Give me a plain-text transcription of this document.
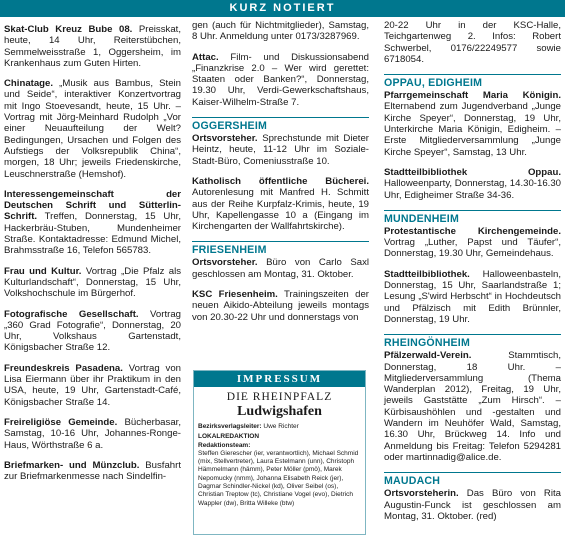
KURZ NOTIERT

Skat-Club Kreuz Bube 08. Preisskat, heute, 14 Uhr, Reiterstübchen, Semmelweisstraße 1, Oggersheim, im Krankenhaus zum Guten Hirten.

Chinatage. „Musik aus Bambus, Stein und Seide“, interaktiver Konzertvortrag mit Ingo Stoevesandt, heute, 15 Uhr. – Vortrag mit Jörg-Meinhard Rudolph „Vor einer Neuaufteilung der Welt? Bedingungen, Ursachen und Folgen des Aufstiegs der Volksrepublik China“, morgen, 18 Uhr; jeweils Friedenskirche, Leuschnerstraße (Hemshof).

Interessengemeinschaft der Deutschen Schrift und Sütterlin-Schrift. Treffen, Donnerstag, 15 Uhr, Hackerbräu-Stuben, Mundenheimer Straße. Kontaktadresse: Edmund Michel, Brahmsstraße 16, Telefon 565783.

Frau und Kultur. Vortrag „Die Pfalz als Kulturlandschaft“, Donnerstag, 15 Uhr, Volkshochschule im Bürgerhof.

Fotografische Gesellschaft. Vortrag „360 Grad Fotografie“, Donnerstag, 20 Uhr, Volkshaus Gartenstadt, Königsbacher Straße 12.

Freundeskreis Pasadena. Vortrag von Lisa Eiermann über ihr Praktikum in den USA, heute, 19 Uhr, Gartenstadt-Café, Königsbacher Straße 14.

Freireligiöse Gemeinde. Bücherbasar, Samstag, 10-16 Uhr, Johannes-Ronge-Haus, Wörthstraße 6 a.

Briefmarken- und Münzclub. Busfahrt zur Briefmarkenmesse nach Sindelfin-

gen (auch für Nichtmitglieder), Samstag, 8 Uhr. Anmeldung unter 0173/3287969.

Attac. Film- und Diskussionsabend „Finanzkrise 2.0 – Wer wird gerettet: Staaten oder Banken?“, Donnerstag, 19.30 Uhr, Verdi-Gewerkschaftshaus, Kaiser-Wilhelm-Straße 7.

OGGERSHEIM

Ortsvorsteher. Sprechstunde mit Dieter Heintz, heute, 11-12 Uhr im Soziale-Stadt-Büro, Comeniusstraße 10.

Katholisch öffentliche Bücherei. Autorenlesung mit Manfred H. Schmitt aus der Reihe Kurpfalz-Krimis, heute, 19 Uhr, Kapellengasse 10 a (Eingang im Kirchengarten der Wallfahrtskirche).

FRIESENHEIM

Ortsvorsteher. Büro von Carlo Saxl geschlossen am Montag, 31. Oktober.

KSC Friesenheim. Trainingszeiten der neuen Aikido-Abteilung jeweils montags von 20.30-22 Uhr und donnerstags von

IMPRESSUM
DIE RHEINPFALZ
Ludwigshafen
Bezirksverlagsleiter: Uwe Richter
LOKALREDAKTION
Redaktionsteam:
Steffen Gierescher (ier, verantwortlich), Michael Schmid (mix, Stellvertreter), Laura Estelmann (unn), Christoph Hämmelmann (hämm), Peter Möller (pmö), Marek Nepomucky (nmm), Johanna Elisabeth Reick (jer), Dagmar Schindler-Nickel (kd), Oliver Seibel (os), Christian Treptow (tc), Christiane Vogel (evo), Dietrich Wappler (dw), Britta Willeke (btw)

20-22 Uhr in der KSC-Halle, Teichgartenweg 2. Infos: Robert Schwerbel, 0176/22249577 sowie 6718054.

OPPAU, EDIGHEIM

Pfarrgemeinschaft Maria Königin. Elternabend zum Jugendverband „Junge Kirche Speyer“, Donnerstag, 19 Uhr, Unterkirche Maria Königin, Edigheim. – Erste Mitgliederversammlung „Junge Kirche Speyer“, Samstag, 13 Uhr.

Stadtteilbibliothek Oppau. Halloweenparty, Donnerstag, 14.30-16.30 Uhr, Edigheimer Straße 34-36.

MUNDENHEIM

Protestantische Kirchengemeinde. Vortrag „Luther, Papst und Täufer“, Donnerstag, 19.30 Uhr, Gemeindehaus.

Stadtteilbibliothek. Halloweenbasteln, Donnerstag, 15 Uhr, Saarlandstraße 1; Lesung „S'wird Herbscht“ in Hochdeutsch und Pfälzisch mit Edith Brünnler, Donnerstag, 19 Uhr.

RHEINGÖNHEIM

Pfälzerwald-Verein. Stammtisch, Donnerstag, 18 Uhr. – Mitgliederversammlung (Thema Wanderplan 2012), Freitag, 19 Uhr, jeweils Gaststätte „Zum Hirsch“. – Kürbisaushöhlen und -gestalten und Wandern im Neuhöfer Wald, Samstag, 16.30 Uhr, Brückweg 14. Info und Anmeldung bis Freitag: Telefon 5294281 oder martinnadig@alice.de.

MAUDACH

Ortsvorsteherin. Das Büro von Rita Augustin-Funck ist geschlossen am Montag, 31. Oktober. (red)
